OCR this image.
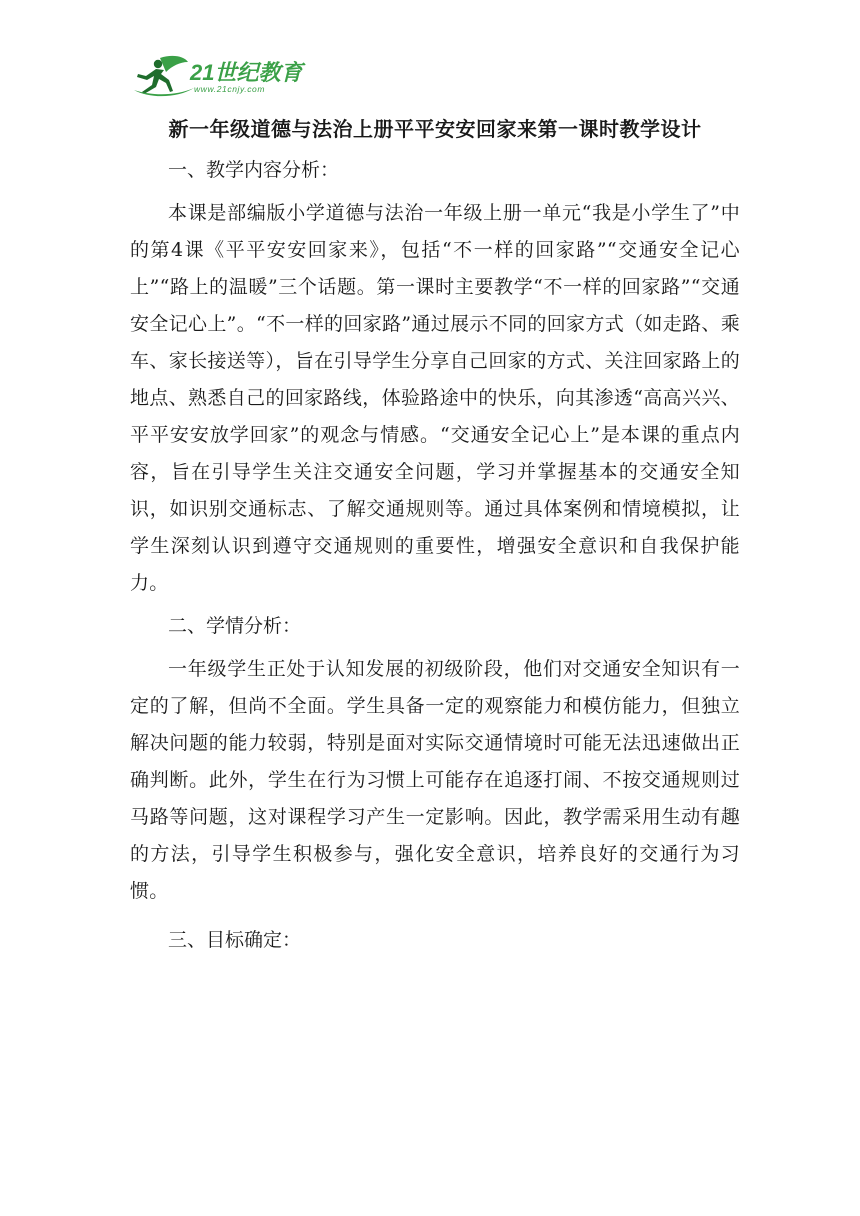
21世纪教育
www.21cnjy.com
新一年级道德与法治上册平平安安回家来第一课时教学设计
一、教学内容分析：

本课是部编版小学道德与法治一年级上册一单元“我是小学生了”中的第4课《平平安安回家来》，包括“不一样的回家路”“交通安全记心上”“路上的温暖”三个话题。第一课时主要教学“不一样的回家路”“交通安全记心上”。“不一样的回家路”通过展示不同的回家方式（如走路、乘车、家长接送等），旨在引导学生分享自己回家的方式、关注回家路上的地点、熟悉自己的回家路线，体验路途中的快乐，向其渗透“高高兴兴、平平安安放学回家”的观念与情感。“交通安全记心上”是本课的重点内容，旨在引导学生关注交通安全问题，学习并掌握基本的交通安全知识，如识别交通标志、了解交通规则等。通过具体案例和情境模拟，让学生深刻认识到遵守交通规则的重要性，增强安全意识和自我保护能力。

二、学情分析：

一年级学生正处于认知发展的初级阶段，他们对交通安全知识有一定的了解，但尚不全面。学生具备一定的观察能力和模仿能力，但独立解决问题的能力较弱，特别是面对实际交通情境时可能无法迅速做出正确判断。此外，学生在行为习惯上可能存在追逐打闹、不按交通规则过马路等问题，这对课程学习产生一定影响。因此，教学需采用生动有趣的方法，引导学生积极参与，强化安全意识，培养良好的交通行为习惯。

三、目标确定：
